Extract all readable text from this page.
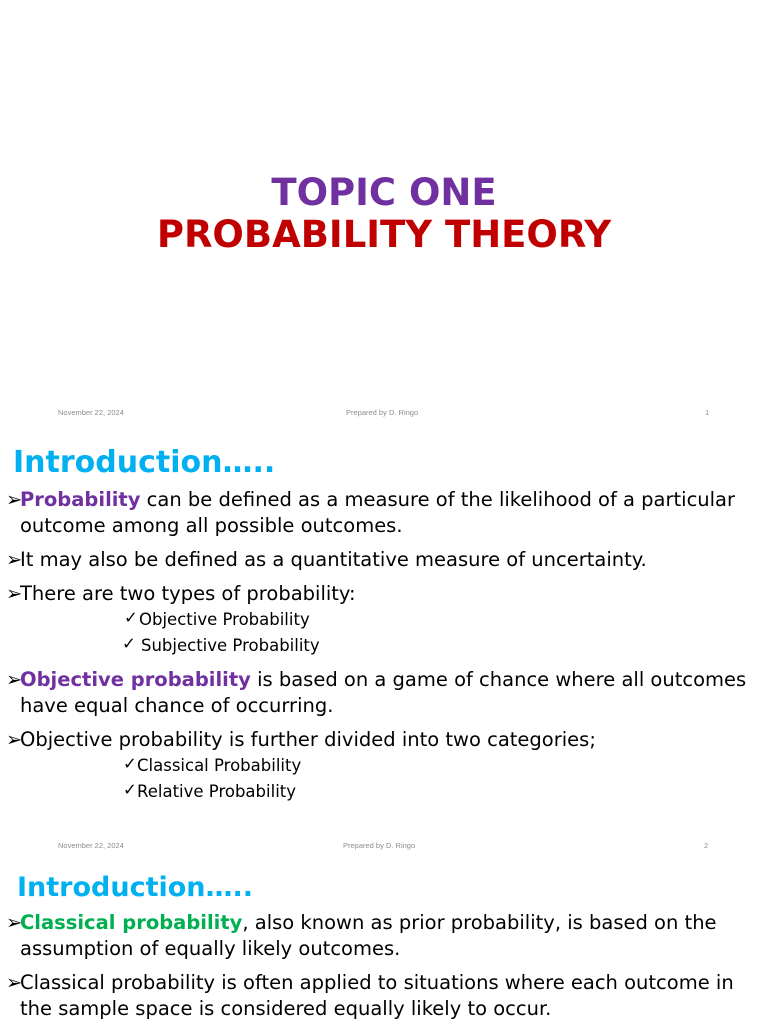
TOPIC ONE

PROBABILITY THEORY

November 22, 2024	Prepared by D. Ringo	1
Introduction…..
➢
Probability can be defined as a measure of the likelihood of a particular outcome among all possible outcomes.
➢
It may also be defined as a quantitative measure of uncertainty.
➢
There are two types of probability:
✓ Objective Probability
✓ Subjective Probability
➢
Objective probability is based on a game of chance where all outcomes have equal chance of occurring.
➢
Objective probability is further divided into two categories;
✓ Classical Probability
✓ Relative Probability
November 22, 2024	Prepared by D. Ringo	2
Introduction…..
➢
Classical probability, also known as prior probability, is based on the assumption of equally likely outcomes.
➢
Classical probability is often applied to situations where each outcome in the sample space is considered equally likely to occur.
